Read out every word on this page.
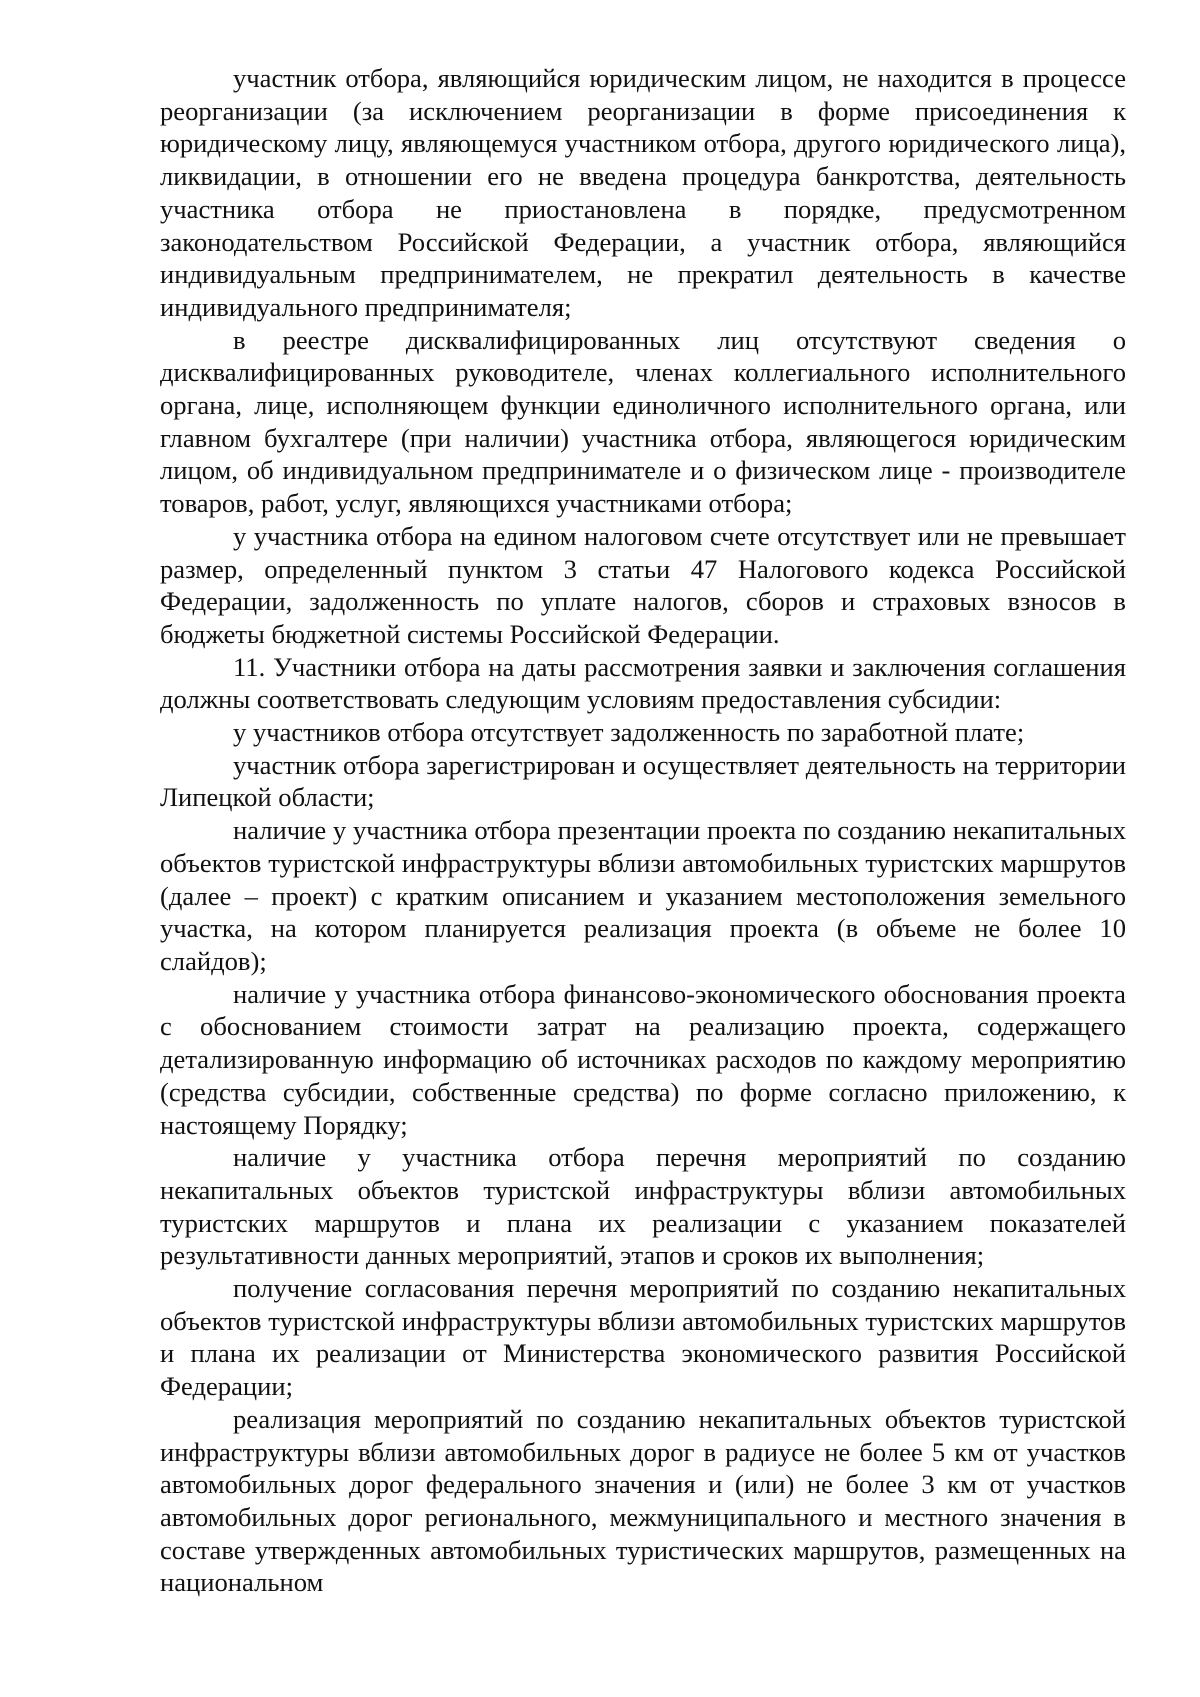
участник отбора, являющийся юридическим лицом, не находится в процессе реорганизации (за исключением реорганизации в форме присоединения к юридическому лицу, являющемуся участником отбора, другого юридического лица), ликвидации, в отношении его не введена процедура банкротства, деятельность участника отбора не приостановлена в порядке, предусмотренном законодательством Российской Федерации, а участник отбора, являющийся индивидуальным предпринимателем, не прекратил деятельность в качестве индивидуального предпринимателя;

в реестре дисквалифицированных лиц отсутствуют сведения о дисквалифицированных руководителе, членах коллегиального исполнительного органа, лице, исполняющем функции единоличного исполнительного органа, или главном бухгалтере (при наличии) участника отбора, являющегося юридическим лицом, об индивидуальном предпринимателе и о физическом лице - производителе товаров, работ, услуг, являющихся участниками отбора;

у участника отбора на едином налоговом счете отсутствует или не превышает размер, определенный пунктом 3 статьи 47 Налогового кодекса Российской Федерации, задолженность по уплате налогов, сборов и страховых взносов в бюджеты бюджетной системы Российской Федерации.

11. Участники отбора на даты рассмотрения заявки и заключения соглашения должны соответствовать следующим условиям предоставления субсидии:

у участников отбора отсутствует задолженность по заработной плате;

участник отбора зарегистрирован и осуществляет деятельность на территории Липецкой области;

наличие у участника отбора презентации проекта по созданию некапитальных объектов туристской инфраструктуры вблизи автомобильных туристских маршрутов (далее – проект) с кратким описанием и указанием местоположения земельного участка, на котором планируется реализация проекта (в объеме не более 10 слайдов);

наличие у участника отбора финансово-экономического обоснования проекта с обоснованием стоимости затрат на реализацию проекта, содержащего детализированную информацию об источниках расходов по каждому мероприятию (средства субсидии, собственные средства) по форме согласно приложению, к настоящему Порядку;

наличие у участника отбора перечня мероприятий по созданию некапитальных объектов туристской инфраструктуры вблизи автомобильных туристских маршрутов и плана их реализации с указанием показателей результативности данных мероприятий, этапов и сроков их выполнения;

получение согласования перечня мероприятий по созданию некапитальных объектов туристской инфраструктуры вблизи автомобильных туристских маршрутов и плана их реализации от Министерства экономического развития Российской Федерации;

реализация мероприятий по созданию некапитальных объектов туристской инфраструктуры вблизи автомобильных дорог в радиусе не более 5 км от участков автомобильных дорог федерального значения и (или) не более 3 км от участков автомобильных дорог регионального, межмуниципального и местного значения в составе утвержденных автомобильных туристических маршрутов, размещенных на национальном
